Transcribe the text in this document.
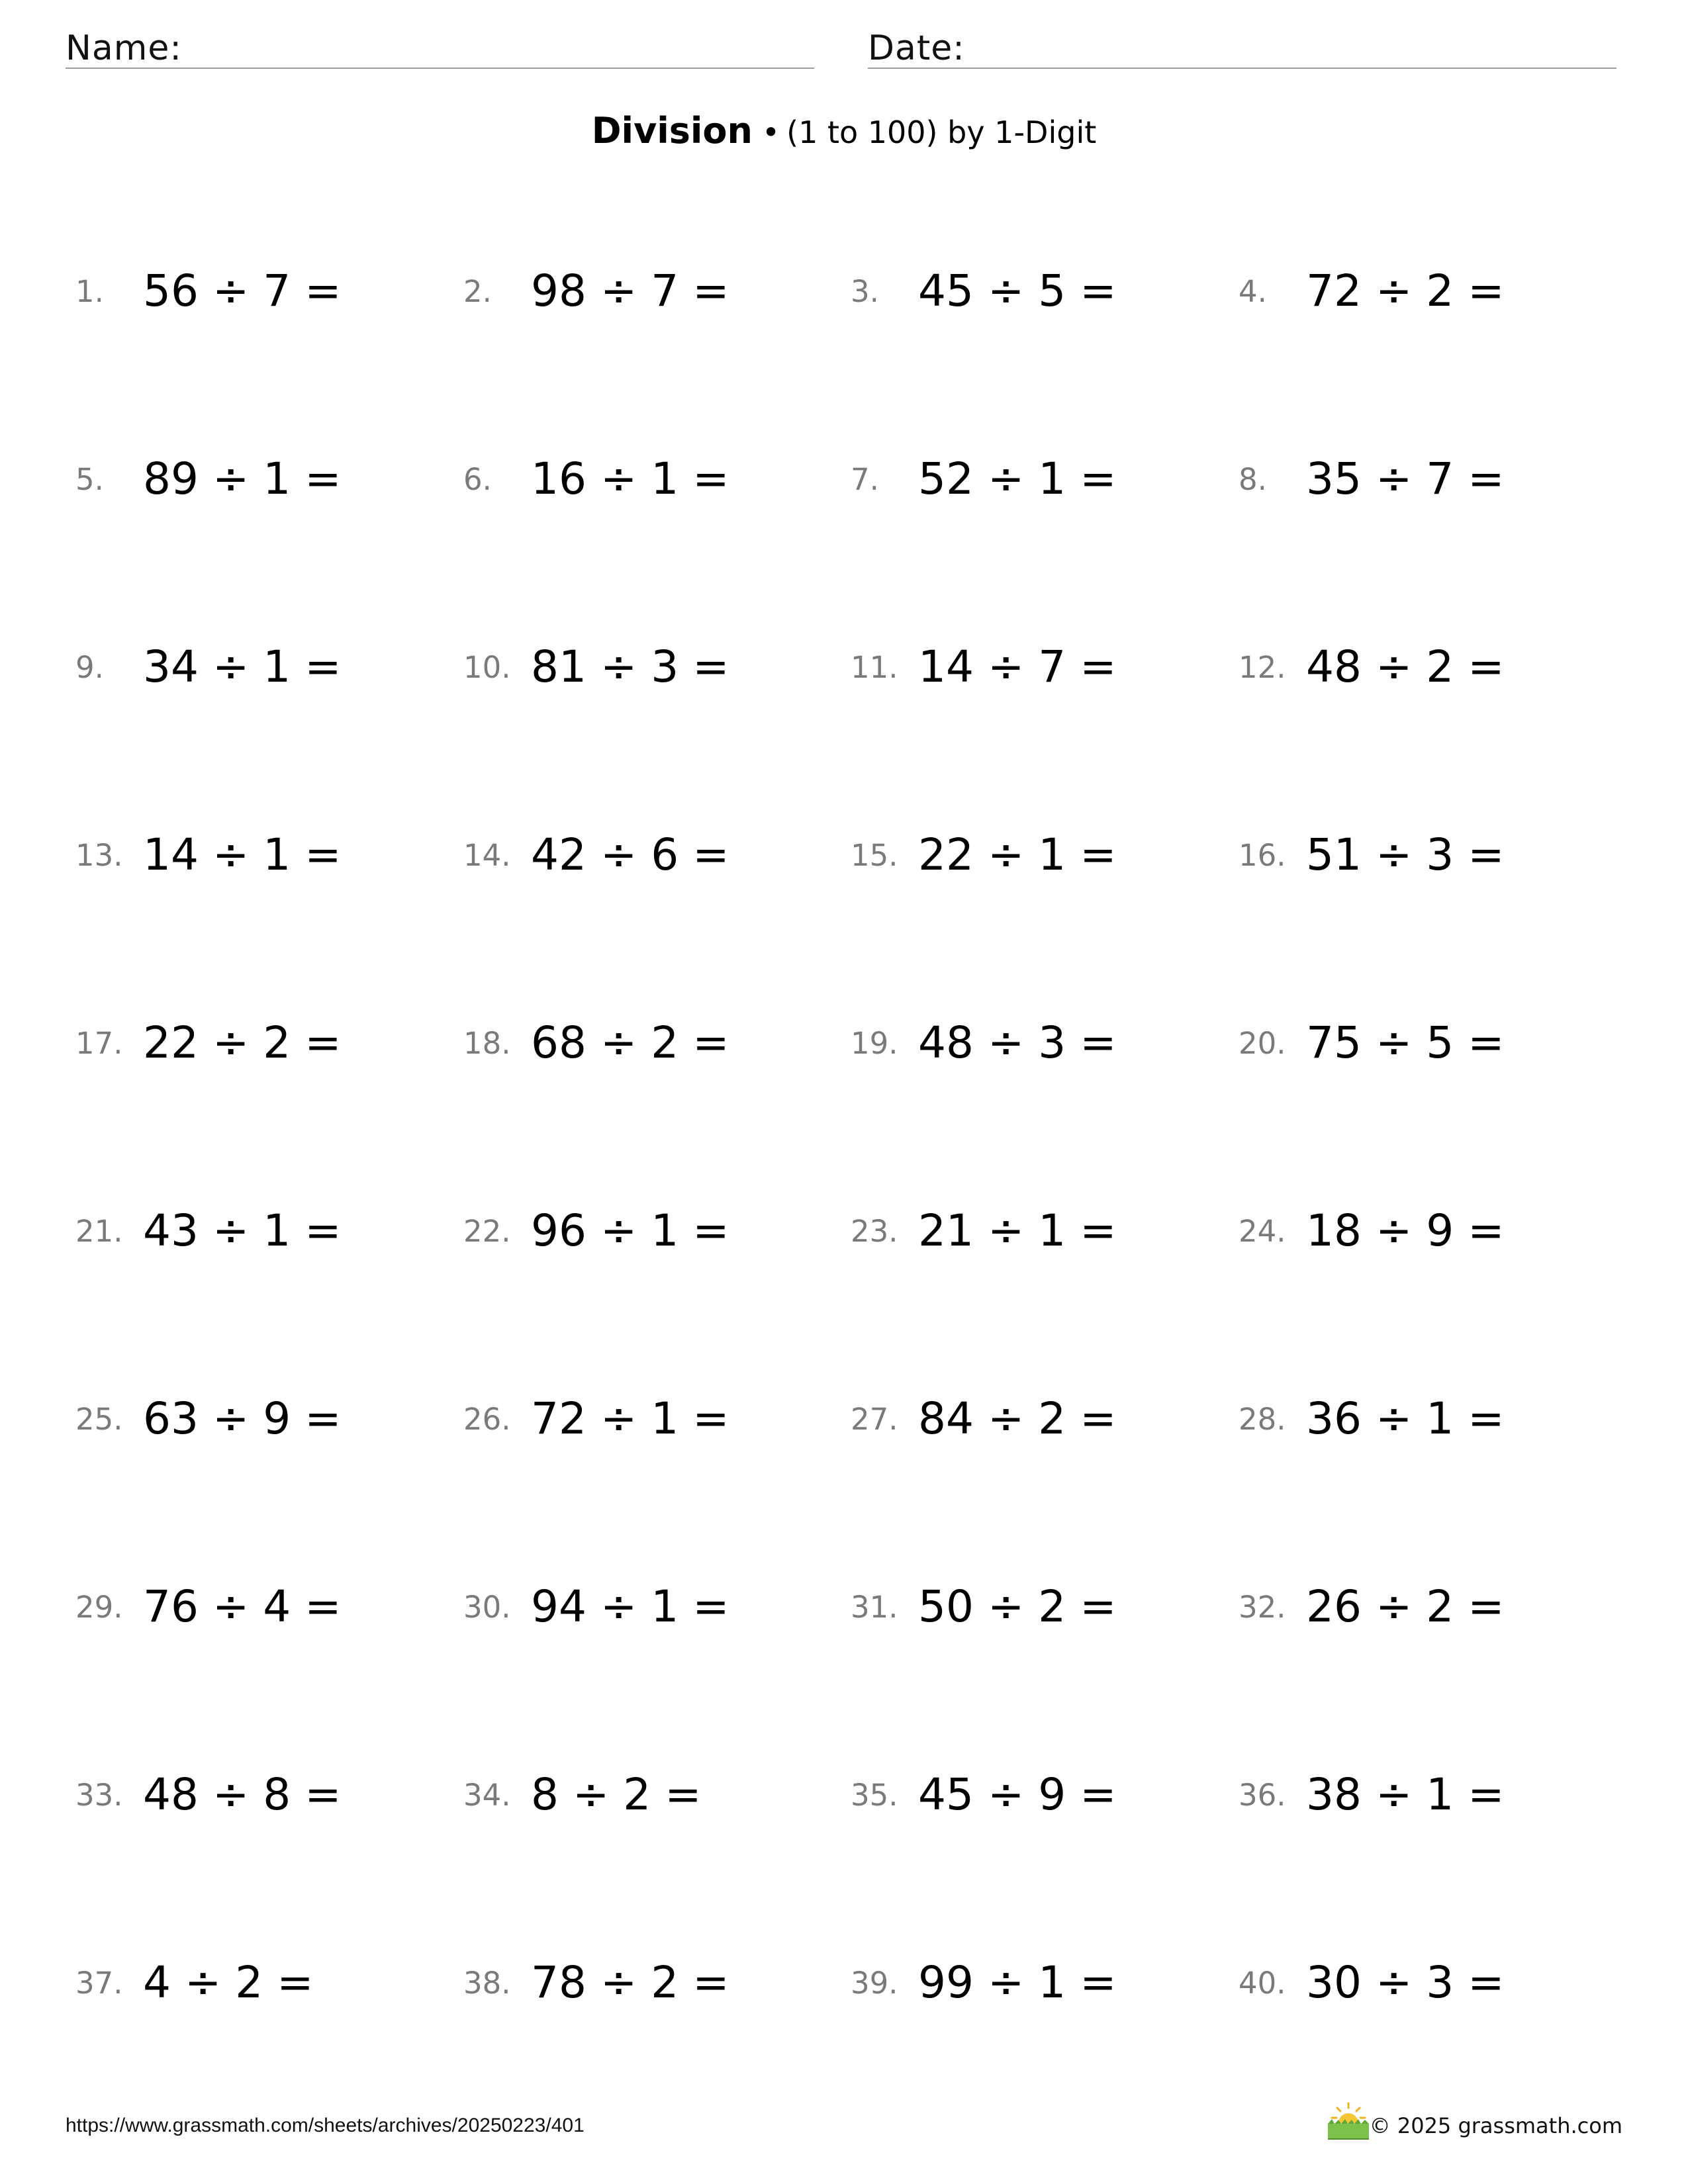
Name:	Date:
Division • (1 to 100) by 1-Digit
1. 56 ÷ 7 =	2. 98 ÷ 7 =	3. 45 ÷ 5 =	4. 72 ÷ 2 =
5. 89 ÷ 1 =	6. 16 ÷ 1 =	7. 52 ÷ 1 =	8. 35 ÷ 7 =
9. 34 ÷ 1 =	10. 81 ÷ 3 =	11. 14 ÷ 7 =	12. 48 ÷ 2 =
13. 14 ÷ 1 =	14. 42 ÷ 6 =	15. 22 ÷ 1 =	16. 51 ÷ 3 =
17. 22 ÷ 2 =	18. 68 ÷ 2 =	19. 48 ÷ 3 =	20. 75 ÷ 5 =
21. 43 ÷ 1 =	22. 96 ÷ 1 =	23. 21 ÷ 1 =	24. 18 ÷ 9 =
25. 63 ÷ 9 =	26. 72 ÷ 1 =	27. 84 ÷ 2 =	28. 36 ÷ 1 =
29. 76 ÷ 4 =	30. 94 ÷ 1 =	31. 50 ÷ 2 =	32. 26 ÷ 2 =
33. 48 ÷ 8 =	34. 8 ÷ 2 =	35. 45 ÷ 9 =	36. 38 ÷ 1 =
37. 4 ÷ 2 =	38. 78 ÷ 2 =	39. 99 ÷ 1 =	40. 30 ÷ 3 =
https://www.grassmath.com/sheets/archives/20250223/401	© 2025 grassmath.com
